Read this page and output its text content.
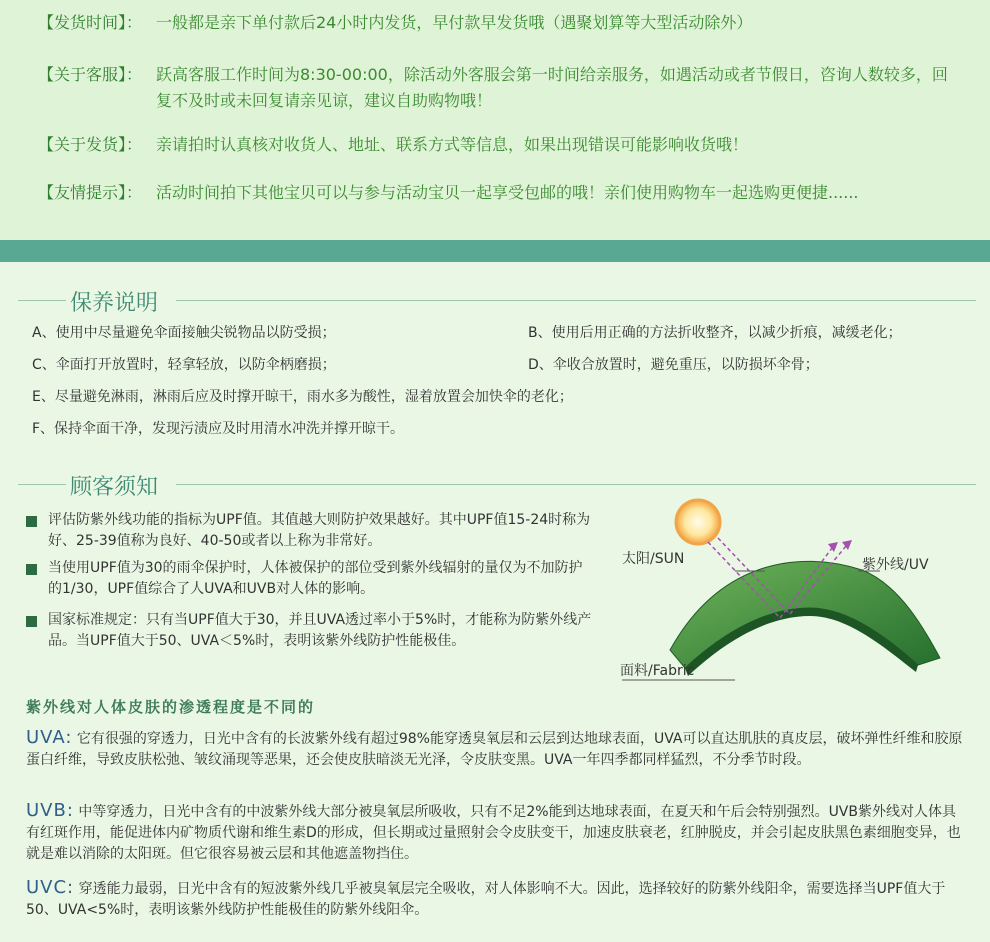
【发货时间】： 一般都是亲下单付款后24小时内发货，早付款早发货哦（遇聚划算等大型活动除外）
【关于客服】： 跃高客服工作时间为8:30-00:00，除活动外客服会第一时间给亲服务，如遇活动或者节假日，咨询人数较多，回复不及时或未回复请亲见谅，建议自助购物哦！
【关于发货】： 亲请拍时认真核对收货人、地址、联系方式等信息，如果出现错误可能影响收货哦！
【友情提示】： 活动时间拍下其他宝贝可以与参与活动宝贝一起享受包邮的哦！亲们使用购物车一起选购更便捷......
保养说明
A、使用中尽量避免伞面接触尖锐物品以防受损；	B、使用后用正确的方法折收整齐，以减少折痕，减缓老化；
C、伞面打开放置时，轻拿轻放，以防伞柄磨损；	D、伞收合放置时，避免重压，以防损坏伞骨；
E、尽量避免淋雨，淋雨后应及时撑开晾干，雨水多为酸性，湿着放置会加快伞的老化；
F、保持伞面干净，发现污渍应及时用清水冲洗并撑开晾干。
顾客须知
评估防紫外线功能的指标为UPF值。其值越大则防护效果越好。其中UPF值15-24时称为好、25-39值称为良好、40-50或者以上称为非常好。
当使用UPF值为30的雨伞保护时，人体被保护的部位受到紫外线辐射的量仅为不加防护的1/30，UPF值综合了人UVA和UVB对人体的影响。
国家标准规定：只有当UPF值大于30，并且UVA透过率小于5%时，才能称为防紫外线产品。当UPF值大于50、UVA＜5%时，表明该紫外线防护性能极佳。
太阳/SUN	紫外线/UV
面料/Fabric
紫外线对人体皮肤的渗透程度是不同的
UVA: 它有很强的穿透力，日光中含有的长波紫外线有超过98%能穿透臭氧层和云层到达地球表面，UVA可以直达肌肤的真皮层，破坏弹性纤维和胶原蛋白纤维，导致皮肤松弛、皱纹涌现等恶果，还会使皮肤暗淡无光泽，令皮肤变黑。UVA一年四季都同样猛烈，不分季节时段。
UVB: 中等穿透力，日光中含有的中波紫外线大部分被臭氧层所吸收，只有不足2%能到达地球表面，在夏天和午后会特别强烈。UVB紫外线对人体具有红斑作用，能促进体内矿物质代谢和维生素D的形成，但长期或过量照射会令皮肤变干，加速皮肤衰老，红肿脱皮，并会引起皮肤黑色素细胞变异，也就是难以消除的太阳斑。但它很容易被云层和其他遮盖物挡住。
UVC: 穿透能力最弱，日光中含有的短波紫外线几乎被臭氧层完全吸收，对人体影响不大。因此，选择较好的防紫外线阳伞，需要选择当UPF值大于50、UVA<5%时，表明该紫外线防护性能极佳的防紫外线阳伞。
